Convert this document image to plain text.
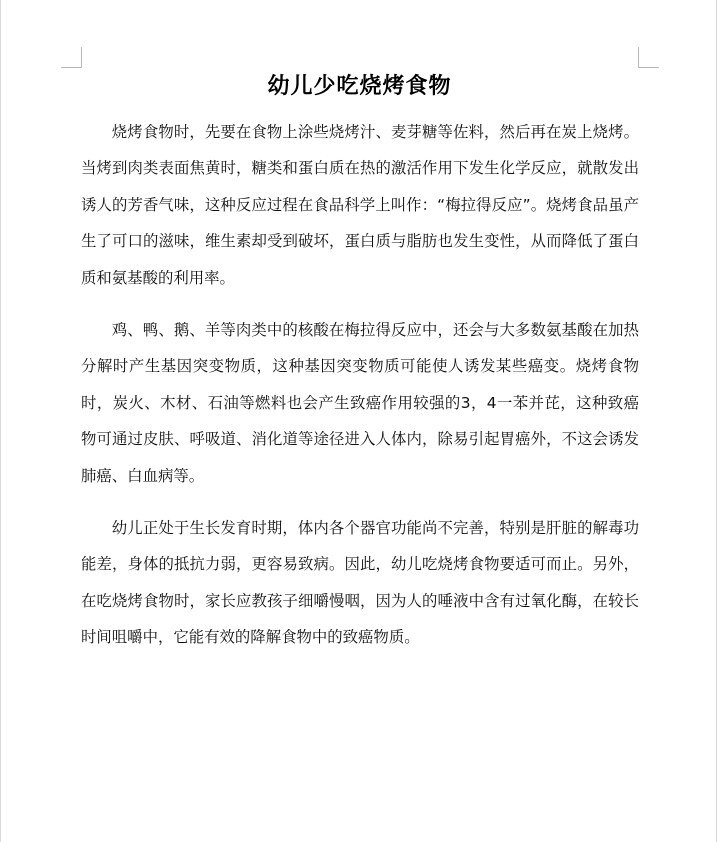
幼儿少吃烧烤食物

烧烤食物时，先要在食物上涂些烧烤汁、麦芽糖等佐料，然后再在炭上烧烤。当烤到肉类表面焦黄时，糖类和蛋白质在热的激活作用下发生化学反应，就散发出诱人的芳香气味，这种反应过程在食品科学上叫作：“梅拉得反应”。烧烤食品虽产生了可口的滋味，维生素却受到破坏，蛋白质与脂肪也发生变性，从而降低了蛋白质和氨基酸的利用率。

鸡、鸭、鹅、羊等肉类中的核酸在梅拉得反应中，还会与大多数氨基酸在加热分解时产生基因突变物质，这种基因突变物质可能使人诱发某些癌变。烧烤食物时，炭火、木材、石油等燃料也会产生致癌作用较强的3，4一苯并芘，这种致癌物可通过皮肤、呼吸道、消化道等途径进入人体内，除易引起胃癌外，不这会诱发肺癌、白血病等。

幼儿正处于生长发育时期，体内各个器官功能尚不完善，特别是肝脏的解毒功能差，身体的抵抗力弱，更容易致病。因此，幼儿吃烧烤食物要适可而止。另外，在吃烧烤食物时，家长应教孩子细嚼慢咽，因为人的唾液中含有过氧化酶，在较长时间咀嚼中，它能有效的降解食物中的致癌物质。
